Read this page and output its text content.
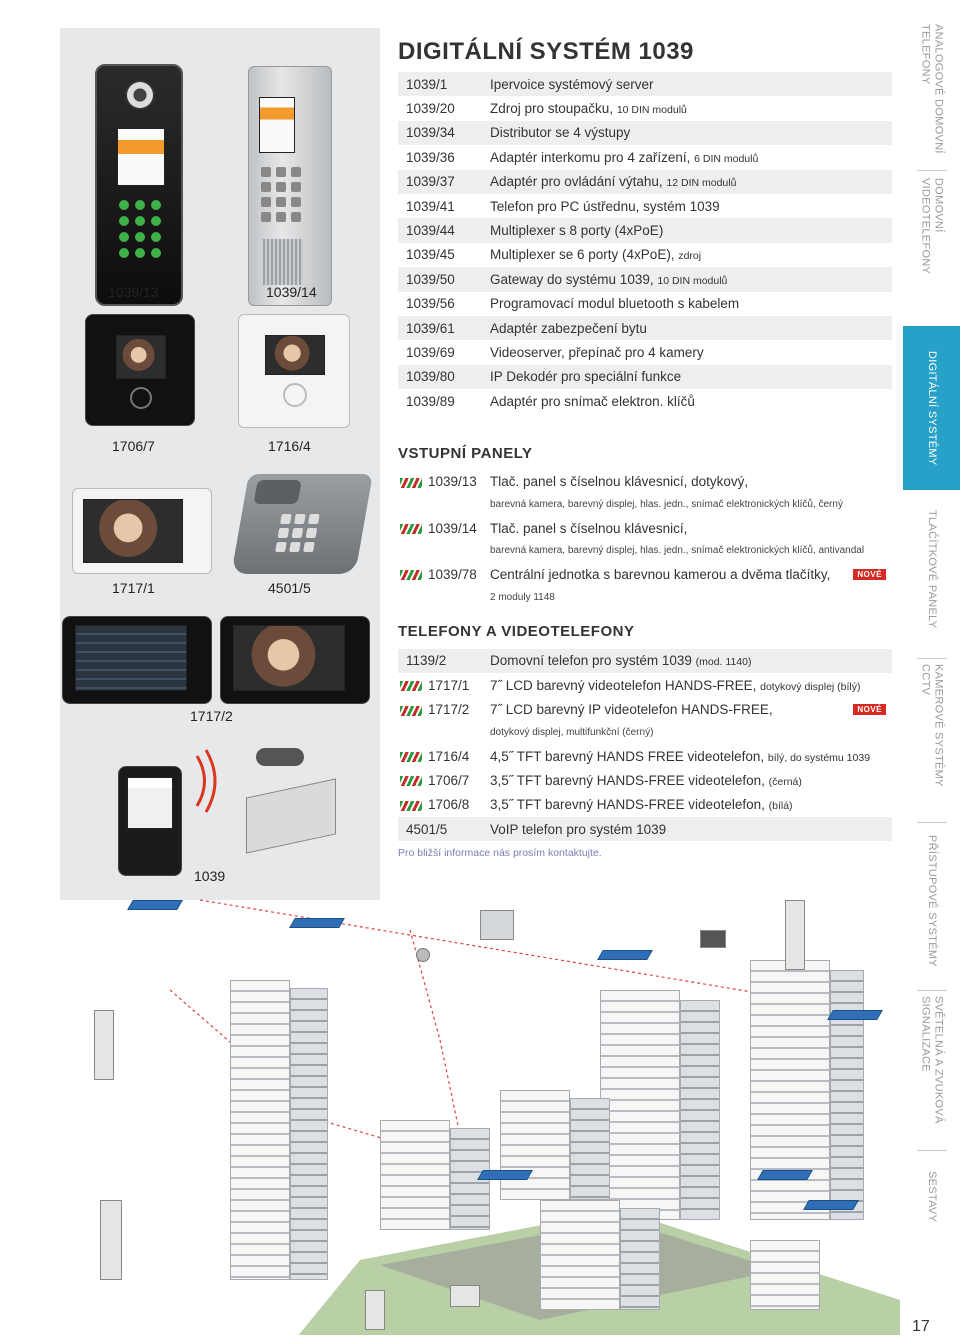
1039/13	1039/14
1706/7	1716/4
1717/1	4501/5
1717/2
1039
DIGITÁLNÍ SYSTÉM 1039
1039/1	Ipervoice systémový server
1039/20	Zdroj pro stoupačku, 10 DIN modulů
1039/34	Distributor se 4 výstupy
1039/36	Adaptér interkomu pro 4 zařízení, 6 DIN modulů
1039/37	Adaptér pro ovládání výtahu, 12 DIN modulů
1039/41	Telefon pro PC ústřednu, systém 1039
1039/44	Multiplexer s 8 porty (4xPoE)
1039/45	Multiplexer se 6 porty (4xPoE), zdroj
1039/50	Gateway do systému 1039, 10 DIN modulů
1039/56	Programovací modul bluetooth s kabelem
1039/61	Adaptér zabezpečení bytu
1039/69	Videoserver, přepínač pro 4 kamery
1039/80	IP Dekodér pro speciální funkce
1039/89	Adaptér pro snímač elektron. klíčů
VSTUPNÍ PANELY
1039/13 Tlač. panel s číselnou klávesnicí, dotykový,
barevná kamera, barevný displej, hlas. jedn., snímač elektronických klíčů, černý
1039/14 Tlač. panel s číselnou klávesnicí,
barevná kamera, barevný displej, hlas. jedn., snímač elektronických klíčů, antivandal
1039/78 Centrální jednotka s barevnou kamerou a dvěma tlačítky,	NOVÉ
2 moduly 1148
TELEFONY A VIDEOTELEFONY
1139/2	Domovní telefon pro systém 1039 (mod. 1140)
1717/1 7˝ LCD barevný videotelefon HANDS-FREE, dotykový displej (bílý)
1717/2 7˝ LCD barevný IP videotelefon HANDS-FREE,	NOVÉ
dotykový displej, multifunkční (černý)
1716/4 4,5˝ TFT barevný HANDS FREE videotelefon, bílý, do systému 1039
1706/7 3,5˝ TFT barevný HANDS-FREE videotelefon, (černá)
1706/8 3,5˝ TFT barevný HANDS-FREE videotelefon, (bílá)
4501/5	VoIP telefon pro systém 1039
Pro bližší informace nás prosím kontaktujte.
ANALOGOVÉ DOMOVNÍ TELEFONY
DOMOVNÍ VIDEOTELEFONY
DIGITÁLNÍ SYSTÉMY
TLAČÍTKOVÉ PANELY
KAMEROVÉ SYSTÉMY CCTV
PŘÍSTUPOVÉ SYSTÉMY
SVĚTELNÁ A ZVUKOVÁ SIGNALIZACE
SESTAVY
17
